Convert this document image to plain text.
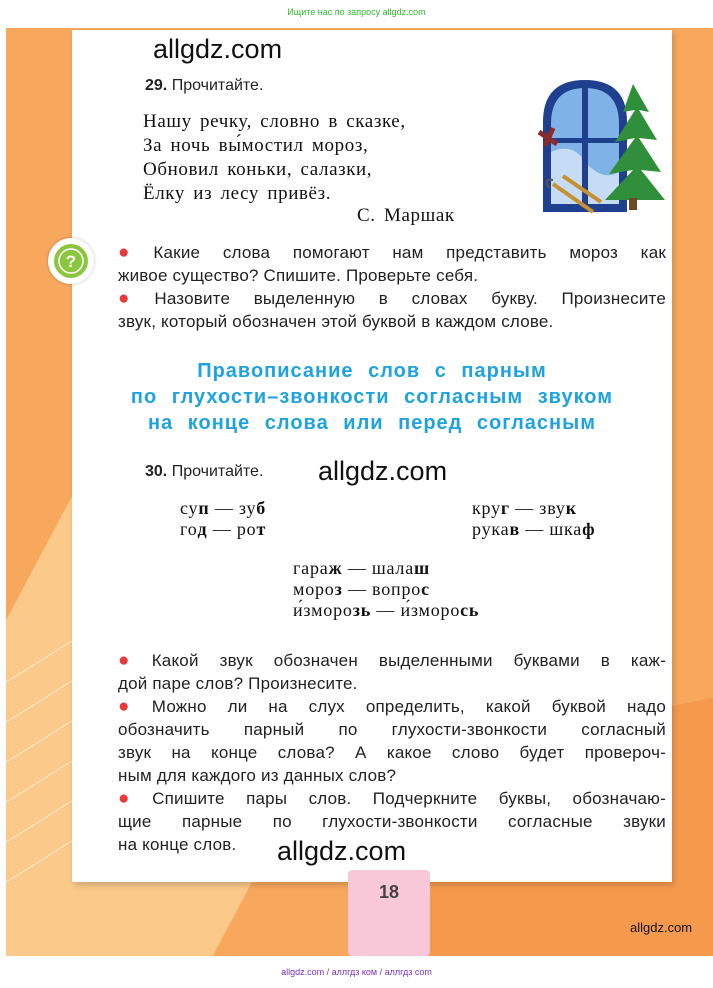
Ищите нас по запросу allgdz.com
allgdz.com
29. Прочитайте.
Нашу речку, словно в сказке,
За ночь вы́мостил мороз,
Обновил коньки, салазки,
Ёлку из лесу привёз.
С. Маршак
? ● Какие слова помогают нам представить мороз как
живое существо? Спишите. Проверьте себя.
● Назовите выделенную в словах букву. Произнесите
звук, который обозначен этой буквой в каждом слове.
Правописание слов с парным
по глухости–звонкости согласным звуком
на конце слова или перед согласным
30. Прочитайте. allgdz.com
суп — зуб
год — рот
круг — звук
рукав — шкаф
гараж — шалаш
мороз — вопрос
и́зморозь — и́зморось
● Какой звук обозначен выделенными буквами в каж-
дой паре слов? Произнесите.
● Можно ли на слух определить, какой буквой надо
обозначить парный по глухости-звонкости согласный
звук на конце слова? А какое слово будет провероч-
ным для каждого из данных слов?
● Спишите пары слов. Подчеркните буквы, обозначаю-
щие парные по глухости-звонкости согласные звуки
на конце слов.	allgdz.com
18
allgdz.com
allgdz.com / аллгдз ком / аллгдз com
